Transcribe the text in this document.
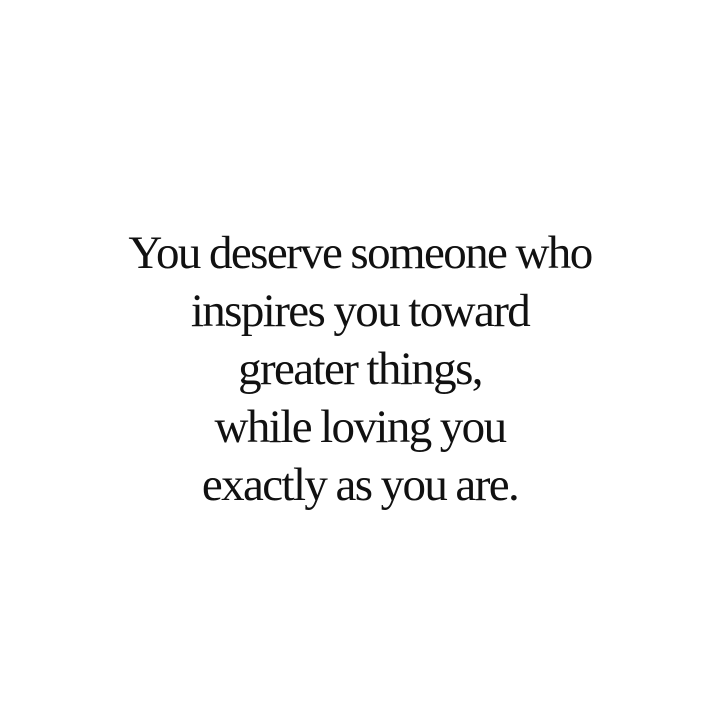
You deserve someone who
inspires you toward
greater things,
while loving you
exactly as you are.
